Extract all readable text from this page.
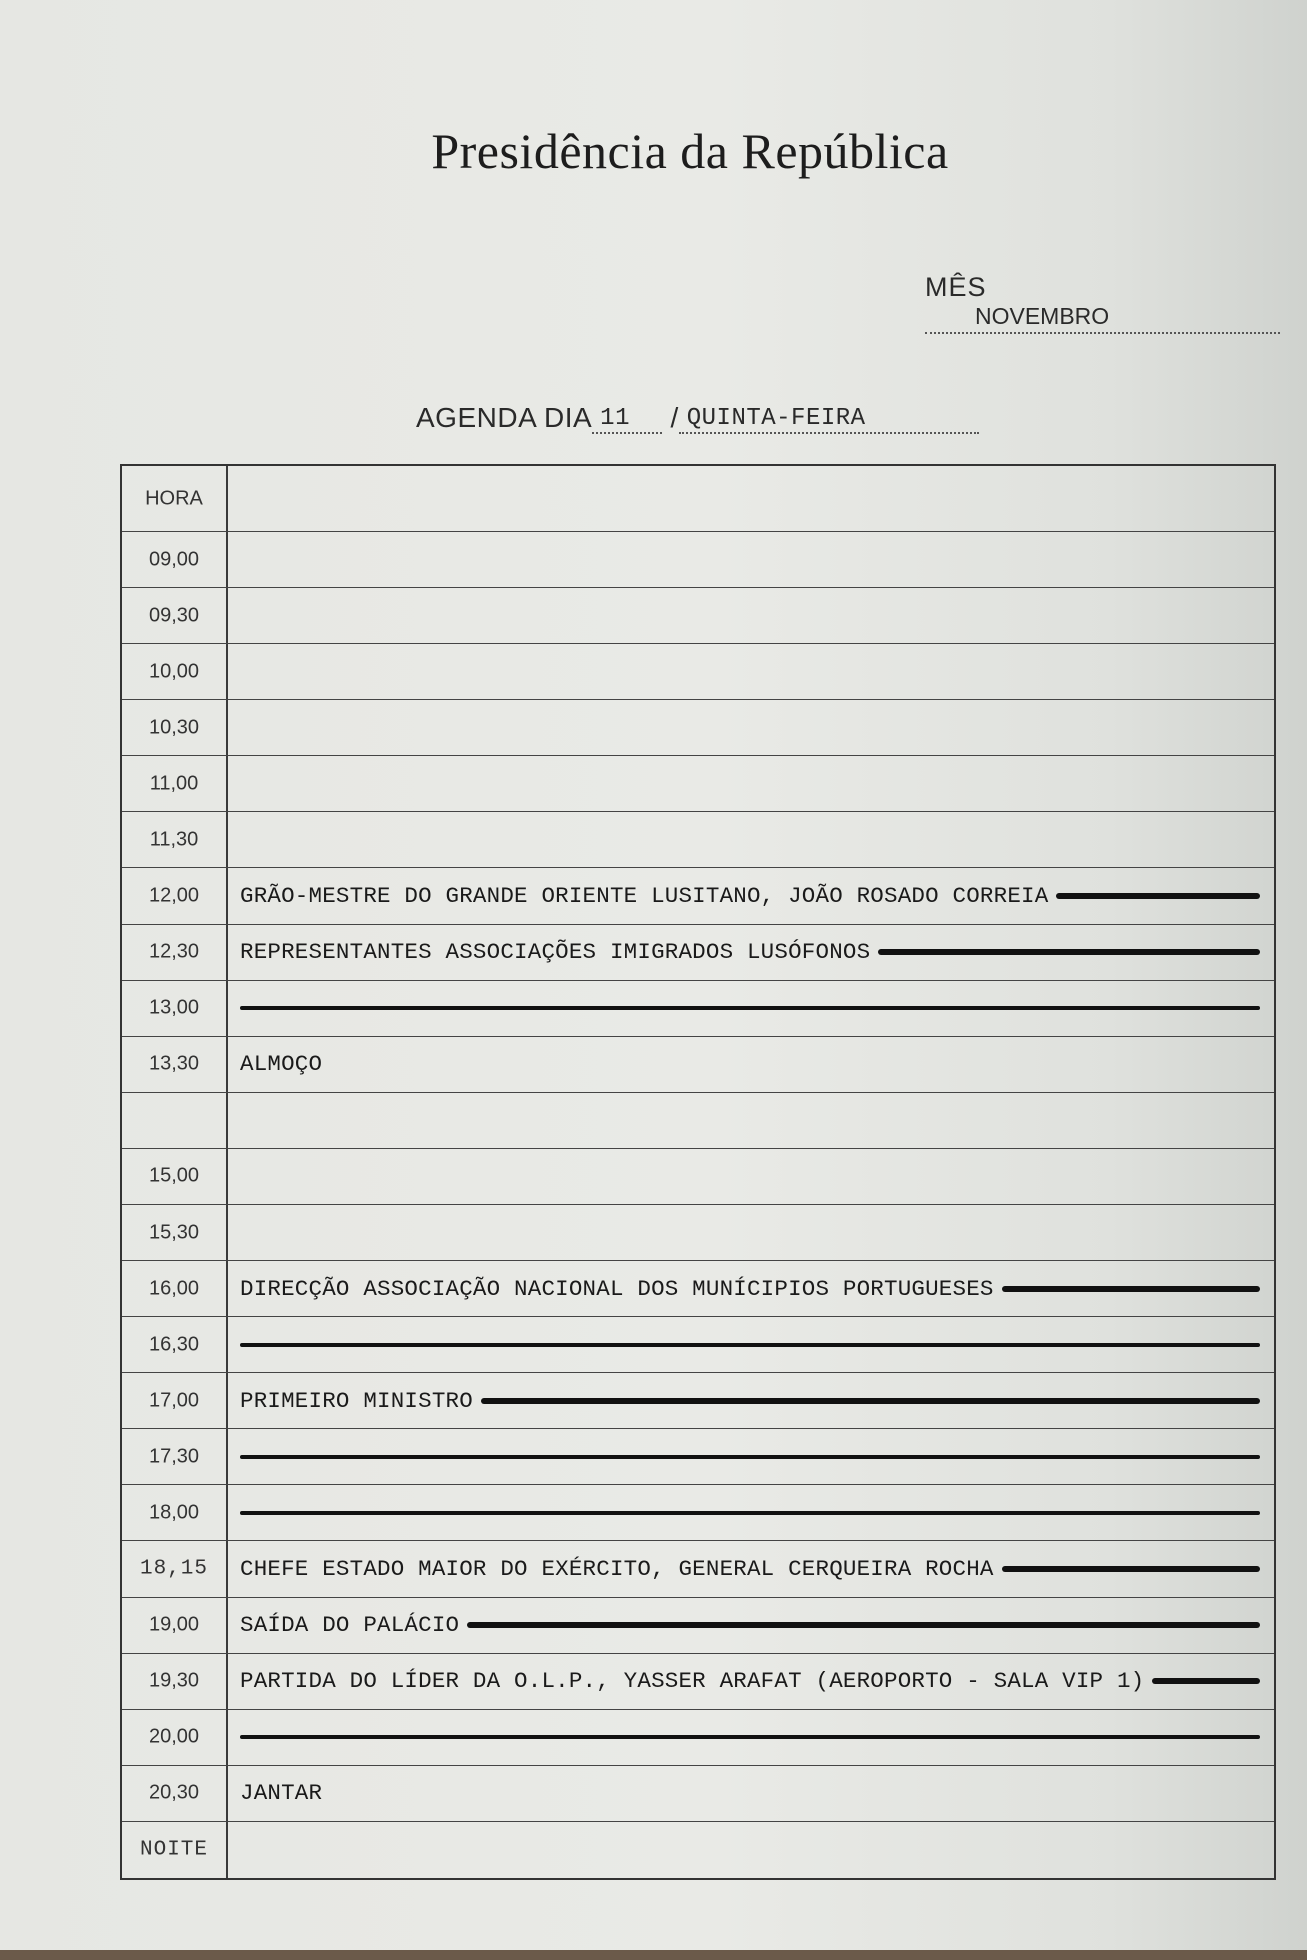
Presidência da República
MÊS
NOVEMBRO
AGENDA DIA 11 / QUINTA-FEIRA
HORA
09,00
09,30
10,00
10,30
11,00
11,30
12,00	GRÃO-MESTRE DO GRANDE ORIENTE LUSITANO, JOÃO ROSADO CORREIA
12,30	REPRESENTANTES ASSOCIAÇÕES IMIGRADOS LUSÓFONOS
13,00
13,30	ALMOÇO
15,00
15,30
16,00	DIRECÇÃO ASSOCIAÇÃO NACIONAL DOS MUNÍCIPIOS PORTUGUESES
16,30
17,00	PRIMEIRO MINISTRO
17,30
18,00
18,15	CHEFE ESTADO MAIOR DO EXÉRCITO, GENERAL CERQUEIRA ROCHA
19,00	SAÍDA DO PALÁCIO
19,30	PARTIDA DO LÍDER DA O.L.P., YASSER ARAFAT (AEROPORTO - SALA VIP 1)
20,00
20,30	JANTAR
NOITE
